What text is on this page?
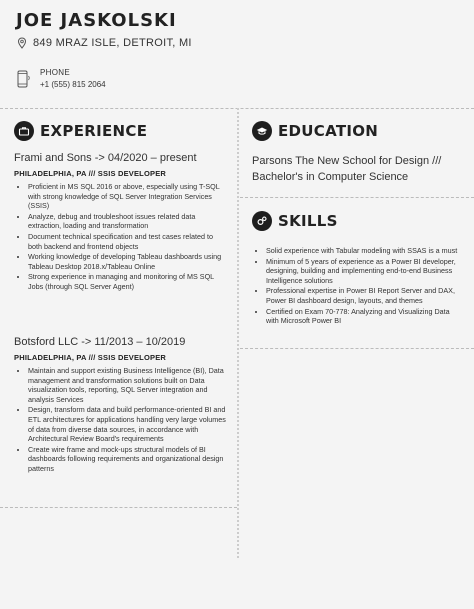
JOE JASKOLSKI
849 MRAZ ISLE, DETROIT, MI
PHONE
+1 (555) 815 2064
EXPERIENCE

Frami and Sons -> 04/2020 – present

PHILADELPHIA, PA /// SSIS DEVELOPER
• Proficient in MS SQL 2016 or above, especially using T-SQL with strong knowledge of SQL Server Integration Services (SSIS)
• Analyze, debug and troubleshoot issues related data extraction, loading and transformation
• Document technical specification and test cases related to both backend and frontend objects
• Working knowledge of developing Tableau dashboards using Tableau Desktop 2018.x/Tableau Online
• Strong experience in managing and monitoring of MS SQL Jobs (through SQL Server Agent)

Botsford LLC -> 11/2013 – 10/2019

PHILADELPHIA, PA /// SSIS DEVELOPER
• Maintain and support existing Business Intelligence (BI), Data management and transformation solutions built on Data visualization tools, reporting, SQL Server integration and analysis Services
• Design, transform data and build performance-oriented BI and ETL architectures for applications handling very large volumes of data from diverse data sources, in accordance with Architectural Review Board's requirements
• Create wire frame and mock-ups structural models of BI dashboards following requirements and organizational design patterns
EDUCATION
Parsons The New School for Design /// Bachelor's in Computer Science
SKILLS
• Solid experience with Tabular modeling with SSAS is a must
• Minimum of 5 years of experience as a Power BI developer, designing, building and implementing end-to-end Business Intelligence solutions
• Professional expertise in Power BI Report Server and DAX, Power BI dashboard design, layouts, and themes
• Certified on Exam 70-778: Analyzing and Visualizing Data with Microsoft Power BI
